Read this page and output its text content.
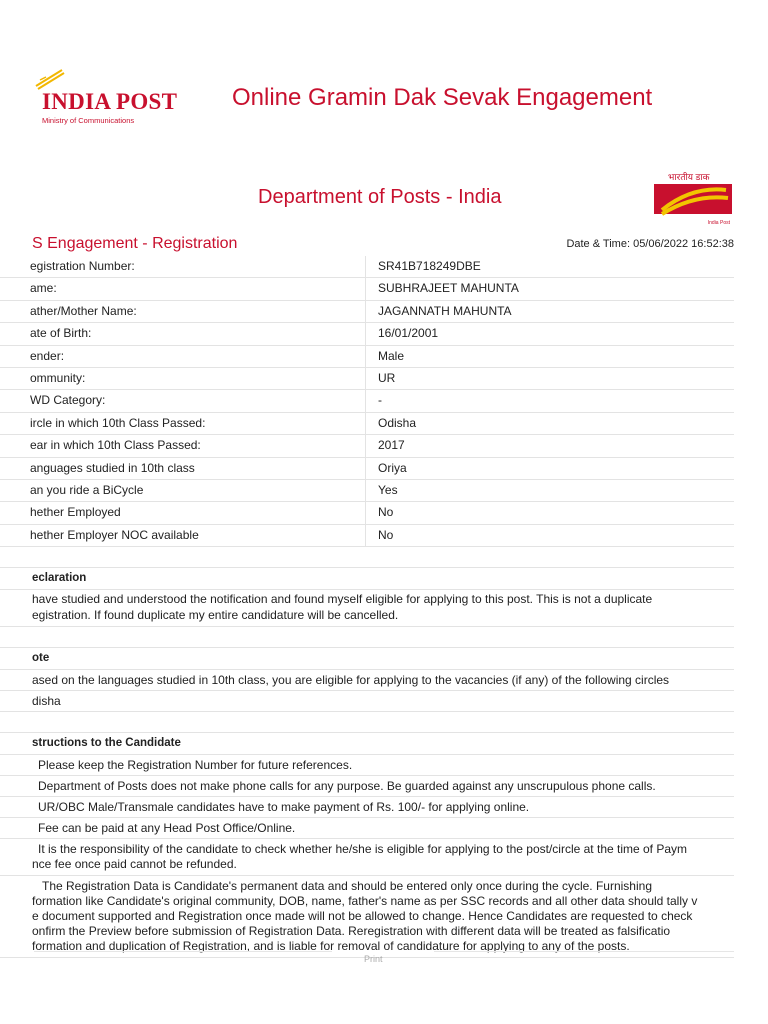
INDIA POST
Ministry of Communications
Online Gramin Dak Sevak Engagement
Department of Posts - India
भारतीय डाक
India Post
S Engagement - Registration	Date & Time: 05/06/2022 16:52:38
egistration Number:	SR41B718249DBE
ame:	SUBHRAJEET MAHUNTA
ather/Mother Name:	JAGANNATH MAHUNTA
ate of Birth:	16/01/2001
ender:	Male
ommunity:	UR
WD Category:	-
ircle in which 10th Class Passed:	Odisha
ear in which 10th Class Passed:	2017
anguages studied in 10th class	Oriya
an you ride a BiCycle	Yes
hether Employed	No
hether Employer NOC available	No
eclaration
have studied and understood the notification and found myself eligible for applying to this post. This is not a duplicate
egistration. If found duplicate my entire candidature will be cancelled.
ote
ased on the languages studied in 10th class, you are eligible for applying to the vacancies (if any) of the following circles
disha
structions to the Candidate
Please keep the Registration Number for future references.
Department of Posts does not make phone calls for any purpose. Be guarded against any unscrupulous phone calls.
UR/OBC Male/Transmale candidates have to make payment of Rs. 100/- for applying online.
Fee can be paid at any Head Post Office/Online.
It is the responsibility of the candidate to check whether he/she is eligible for applying to the post/circle at the time of Paym
nce fee once paid cannot be refunded.
The Registration Data is Candidate's permanent data and should be entered only once during the cycle. Furnishing
formation like Candidate's original community, DOB, name, father's name as per SSC records and all other data should tally v
e document supported and Registration once made will not be allowed to change. Hence Candidates are requested to check
onfirm the Preview before submission of Registration Data. Reregistration with different data will be treated as falsificatio
formation and duplication of Registration, and is liable for removal of candidature for applying to any of the posts.
Print
